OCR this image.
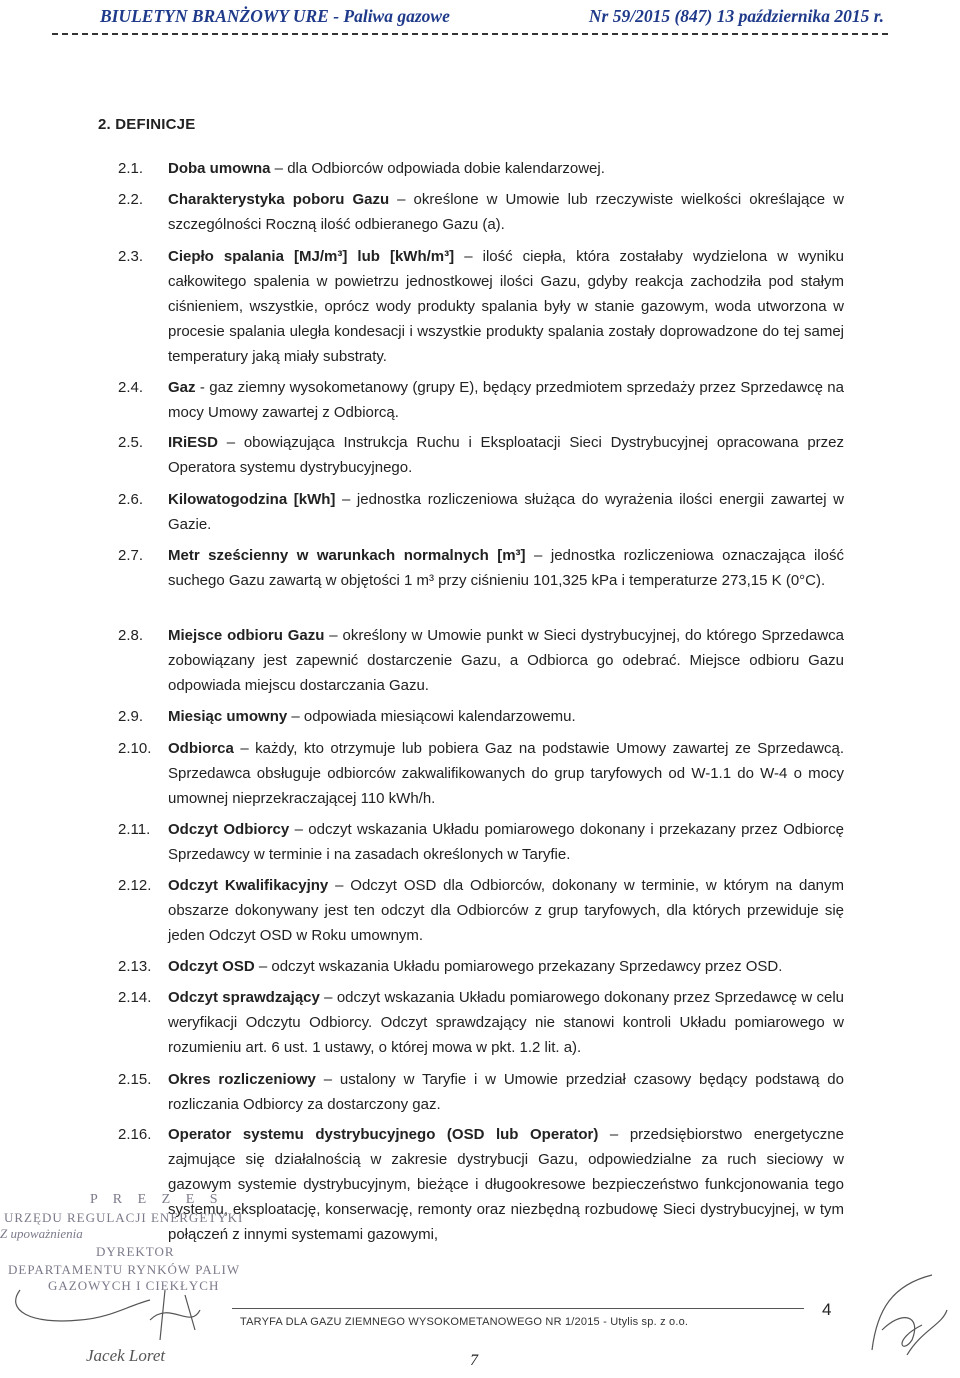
BIULETYN BRANŻOWY URE - Paliwa gazowe	Nr 59/2015 (847) 13 października 2015 r.
2. DEFINICJE
2.1.	Doba umowna – dla Odbiorców odpowiada dobie kalendarzowej.
2.2.	Charakterystyka poboru Gazu – określone w Umowie lub rzeczywiste wielkości określające w szczególności Roczną ilość odbieranego Gazu (a).
2.3.	Ciepło spalania [MJ/m³] lub [kWh/m³] – ilość ciepła, która zostałaby wydzielona w wyniku całkowitego spalenia w powietrzu jednostkowej ilości Gazu, gdyby reakcja zachodziła pod stałym ciśnieniem, wszystkie, oprócz wody produkty spalania były w stanie gazowym, woda utworzona w procesie spalania uległa kondesacji i wszystkie produkty spalania zostały doprowadzone do tej samej temperatury jaką miały substraty.
2.4.	Gaz - gaz ziemny wysokometanowy (grupy E), będący przedmiotem sprzedaży przez Sprzedawcę na mocy Umowy zawartej z Odbiorcą.
2.5.	IRiESD – obowiązująca Instrukcja Ruchu i Eksploatacji Sieci Dystrybucyjnej opracowana przez Operatora systemu dystrybucyjnego.
2.6.	Kilowatogodzina [kWh] – jednostka rozliczeniowa służąca do wyrażenia ilości energii zawartej w Gazie.
2.7.	Metr sześcienny w warunkach normalnych [m³] – jednostka rozliczeniowa oznaczająca ilość suchego Gazu zawartą w objętości 1 m³ przy ciśnieniu 101,325 kPa i temperaturze 273,15 K (0°C).
2.8.	Miejsce odbioru Gazu – określony w Umowie punkt w Sieci dystrybucyjnej, do którego Sprzedawca zobowiązany jest zapewnić dostarczenie Gazu, a Odbiorca go odebrać. Miejsce odbioru Gazu odpowiada miejscu dostarczania Gazu.
2.9.	Miesiąc umowny – odpowiada miesiącowi kalendarzowemu.
2.10.	Odbiorca – każdy, kto otrzymuje lub pobiera Gaz na podstawie Umowy zawartej ze Sprzedawcą. Sprzedawca obsługuje odbiorców zakwalifikowanych do grup taryfowych od W-1.1 do W-4 o mocy umownej nieprzekraczającej 110 kWh/h.
2.11.	Odczyt Odbiorcy – odczyt wskazania Układu pomiarowego dokonany i przekazany przez Odbiorcę Sprzedawcy w terminie i na zasadach określonych w Taryfie.
2.12.	Odczyt Kwalifikacyjny – Odczyt OSD dla Odbiorców, dokonany w terminie, w którym na danym obszarze dokonywany jest ten odczyt dla Odbiorców z grup taryfowych, dla których przewiduje się jeden Odczyt OSD w Roku umownym.
2.13.	Odczyt OSD – odczyt wskazania Układu pomiarowego przekazany Sprzedawcy przez OSD.
2.14.	Odczyt sprawdzający – odczyt wskazania Układu pomiarowego dokonany przez Sprzedawcę w celu weryfikacji Odczytu Odbiorcy. Odczyt sprawdzający nie stanowi kontroli Układu pomiarowego w rozumieniu art. 6 ust. 1 ustawy, o której mowa w pkt. 1.2 lit. a).
2.15.	Okres rozliczeniowy – ustalony w Taryfie i w Umowie przedział czasowy będący podstawą do rozliczania Odbiorcy za dostarczony gaz.
2.16.	Operator systemu dystrybucyjnego (OSD lub Operator) – przedsiębiorstwo energetyczne zajmujące się działalnością w zakresie dystrybucji Gazu, odpowiedzialne za ruch sieciowy w gazowym systemie dystrybucyjnym, bieżące i długookresowe bezpieczeństwo funkcjonowania tego systemu, eksploatację, konserwację, remonty oraz niezbędną rozbudowę Sieci dystrybucyjnej, w tym połączeń z innymi systemami gazowymi,
P R E Z E S
URZĘDU REGULACJI ENERGETYKI
Z upoważnienia
DYREKTOR
DEPARTAMENTU RYNKÓW PALIW
GAZOWYCH I CIEKŁYCH
Jacek Loret
TARYFA DLA GAZU ZIEMNEGO WYSOKOMETANOWEGO NR 1/2015 - Utylis sp. z o.o.
4
7
